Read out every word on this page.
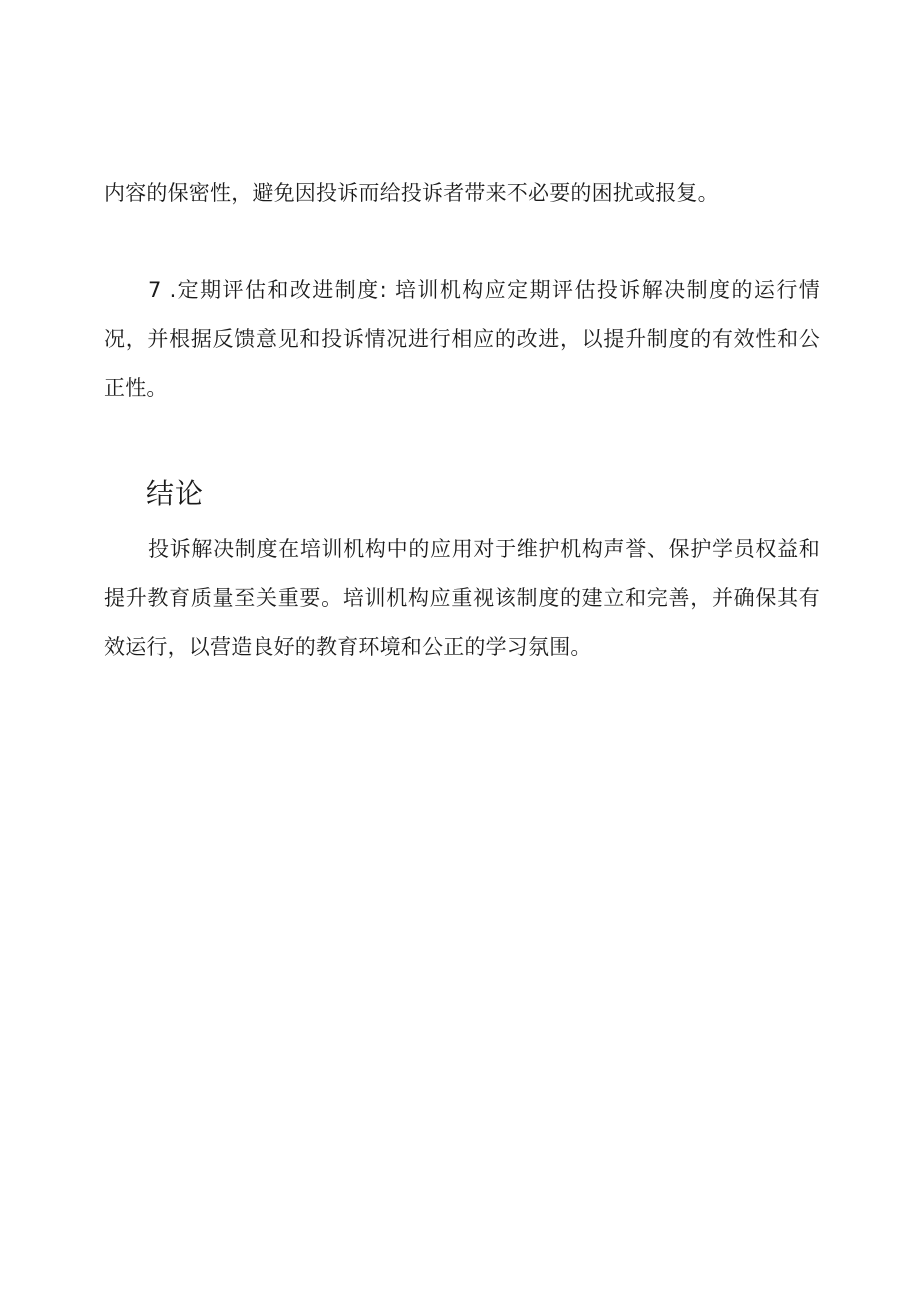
内容的保密性，避免因投诉而给投诉者带来不必要的困扰或报复。

7 .定期评估和改进制度: 培训机构应定期评估投诉解决制度的运行情况，并根据反馈意见和投诉情况进行相应的改进，以提升制度的有效性和公正性。

结论

投诉解决制度在培训机构中的应用对于维护机构声誉、保护学员权益和提升教育质量至关重要。培训机构应重视该制度的建立和完善，并确保其有效运行，以营造良好的教育环境和公正的学习氛围。
